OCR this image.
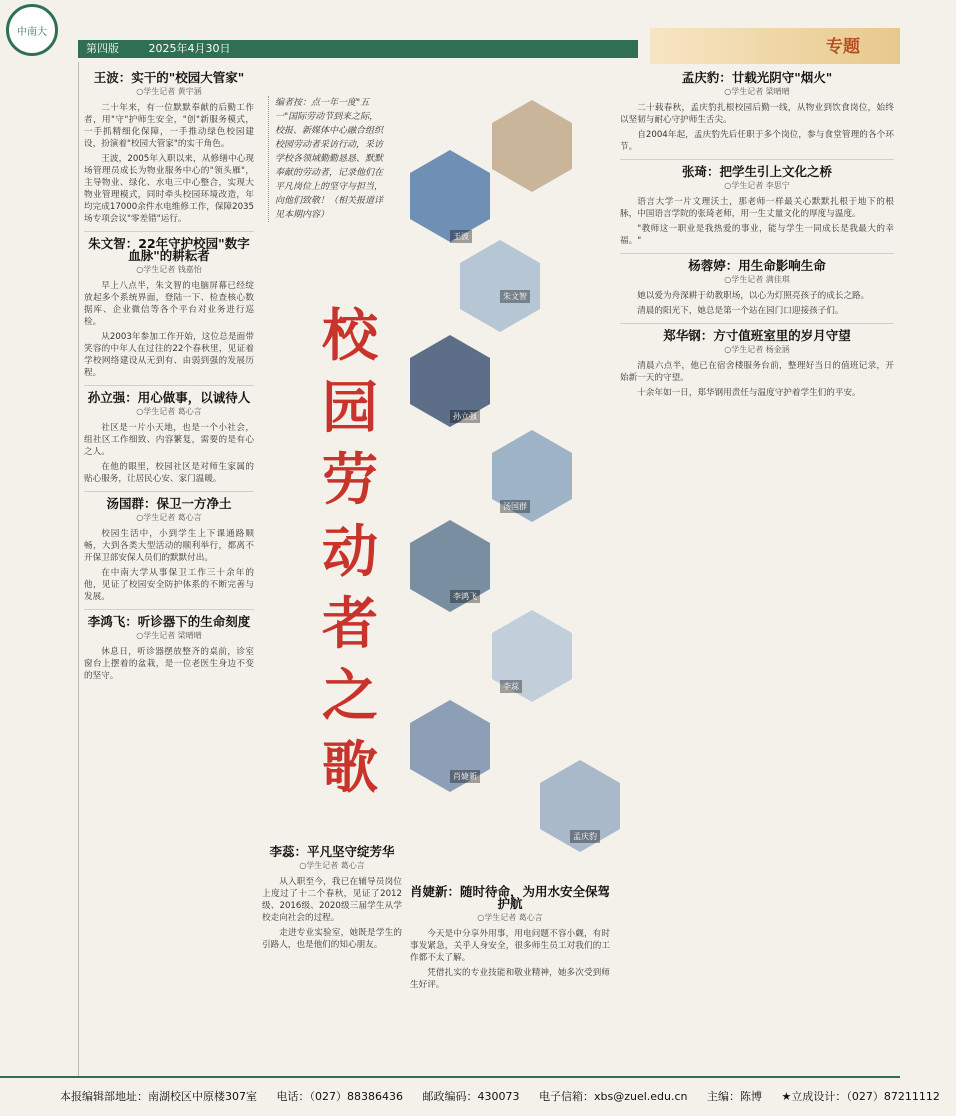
中南大
第四版	2025年4月30日	专题
王波：实干的"校园大管家"
○学生记者 黄宇涵

二十年来，有一位默默奉献的后勤工作者，用"守"护师生安全，"创"新服务模式，一手抓精细化保障，一手推动绿色校园建设，扮演着"校园大管家"的实干角色。

王波，2005年入职以来，从修缮中心现场管理员成长为物业服务中心的"领头雁"，主导物业、绿化、水电三中心整合，实现大物业管理模式，同时牵头校园环境改造，年均完成17000余件水电维修工作，保障2035场专项会议"零差错"运行。

朱文智：22年守护校园"数字血脉"的耕耘者
○学生记者 钱嘉怡

早上八点半，朱文智的电脑屏幕已经绽放起多个系统界面，登陆一下、检查核心数据库、企业微信等各个平台对业务进行巡检。

从2003年参加工作开始，这位总是面带笑容的中年人在过往的22个春秋里，见证着学校网络建设从无到有、由弱到强的发展历程。

孙立强：用心做事，以诚待人
○学生记者 葛心言

社区是一片小天地，也是一个小社会，组社区工作细致、内容繁复，需要的是有心之人。

在他的眼里，校园社区是对师生家属的贴心服务，让居民心安、家门温暖。

汤国群：保卫一方净土
○学生记者 葛心言

校园生活中，小到学生上下课通路顺畅，大到各类大型活动的顺利举行，都离不开保卫部安保人员们的默默付出。

在中南大学从事保卫工作三十余年的他，见证了校园安全防护体系的不断完善与发展。

李鸿飞：听诊器下的生命刻度
○学生记者 梁晴晴

休息日，听诊器摆放整齐的桌前，诊室窗台上摆着的盆栽，是一位老医生身边不变的坚守。

编者按：点一年一度"五一"国际劳动节到来之际，校报、新媒体中心融合组织校园劳动者采访行动，采访学校各领域勤勤恳恳、默默奉献的劳动者，记录他们在平凡岗位上的坚守与担当，向他们致敬！（相关报道详见本期内容）
校园劳动者之歌
王波
朱文智
孙立强
汤国群
李鸿飞
李蕊
肖婕新
孟庆豹
李蕊：平凡坚守绽芳华
○学生记者 葛心言

从入职至今，我已在辅导员岗位上度过了十二个春秋，见证了2012级、2016级、2020级三届学生从学校走向社会的过程。

走进专业实验室，她既是学生的引路人，也是他们的知心朋友。

肖婕新：随时待命，为用水安全保驾护航
○学生记者 葛心言

今天是中分享外用事，用电问题不容小觑，有时事发紧急，关乎人身安全，很多师生员工对我们的工作都不太了解。

凭借扎实的专业技能和敬业精神，她多次受到师生好评。

孟庆豹：廿载光阴守"烟火"
○学生记者 梁晴晴

二十载春秋，孟庆豹扎根校园后勤一线，从物业到饮食岗位，始终以坚韧与耐心守护师生舌尖。

自2004年起，孟庆豹先后任职于多个岗位，参与食堂管理的各个环节。

张琦：把学生引上文化之桥
○学生记者 李思宁

语言大学一片文理沃土，那老师一样最关心默默扎根于地下的根脉，中国语言学院的张琦老师，用一生丈量文化的厚度与温度。

"教师这一职业是我热爱的事业，能与学生一同成长是我最大的幸福。"

杨蓉婷：用生命影响生命
○学生记者 满佳琪

她以爱为舟深耕于幼教职场，以心为灯照亮孩子的成长之路。

清晨的阳光下，她总是第一个站在园门口迎接孩子们。

郑华钢：方寸值班室里的岁月守望
○学生记者 杨金涵

清晨六点半，他已在宿舍楼服务台前，整理好当日的值班记录，开始新一天的守望。

十余年如一日，郑华钢用责任与温度守护着学生们的平安。

本报编辑部地址：南湖校区中原楼307室 电话：（027）88386436 邮政编码：430073 电子信箱：xbs@zuel.edu.cn 主编：陈博 ★立成设计：（027）87211112
